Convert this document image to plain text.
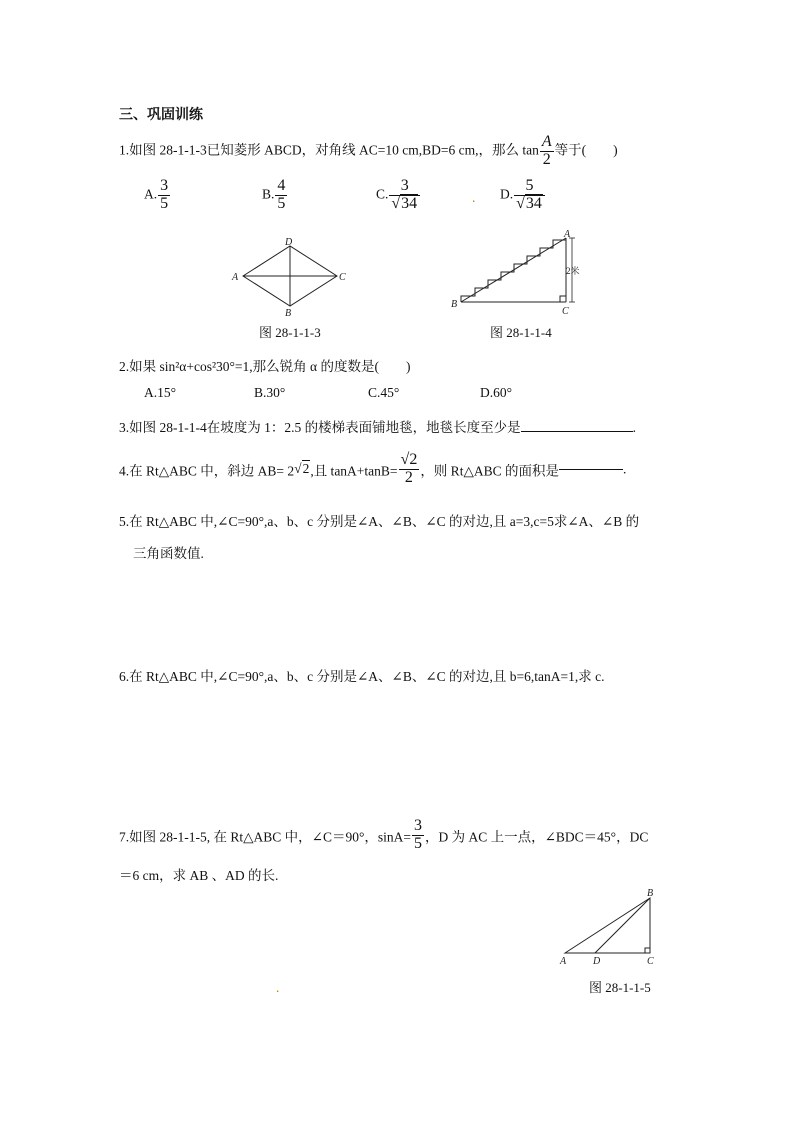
三、巩固训练
1.如图 28-1-1-3已知菱形 ABCD，对角线 AC=10 cm,BD=6 cm,，那么 $\tan \frac{A}{2}$ 等于(　　)
A. $\frac{3}{5}$	B. $\frac{4}{5}$	C. $\frac{3}{√34}$	. D. $\frac{5}{√34}$
A
D
C
B
图 28-1-1-3
2米
A
B
C
图 28-1-1-4
2.如果 sin²α+cos²30°=1,那么锐角 α 的度数是(　　)
A.15°	B.30°	C.45°	D.60°
3.如图 28-1-1-4在坡度为 1：2.5 的楼梯表面铺地毯，地毯长度至少是	.
4.在 Rt△ABC 中，斜边 AB= 2√2,且 $\tan A+\tan B= \frac{√2}{2}$ ，则 Rt△ABC 的面积是	.
5.在 Rt△ABC 中,∠C=90°,a、b、c 分别是∠A、∠B、∠C 的对边,且 a=3,c=5求∠A、∠B 的
三角函数值.
6.在 Rt△ABC 中,∠C=90°,a、b、c 分别是∠A、∠B、∠C 的对边,且 b=6,tanA=1,求 c.
7.如图 28-1-1-5, 在 Rt△ABC 中，∠C＝90°，$\sin A= \frac{3}{5}$ ，D 为 AC 上一点，∠BDC＝45°，DC
＝6 cm，求 AB 、AD 的长.
A	D	C
B
图 28-1-1-5
.
